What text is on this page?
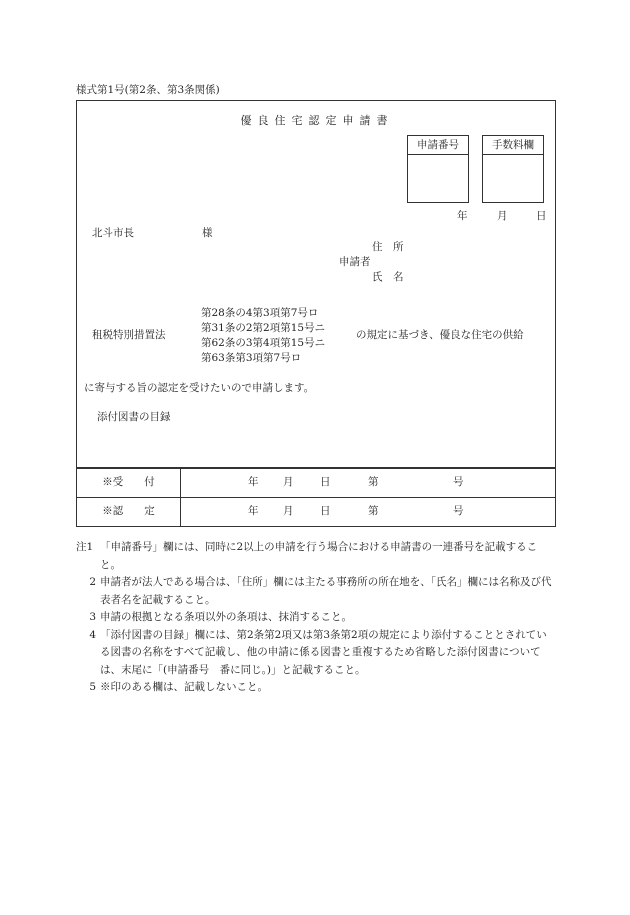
様式第1号(第2条、第3条関係)
優良住宅認定申請書
申請番号	手数料欄
年	月	日
北斗市長	様
住　所
申請者
氏　名
租税特別措置法
第28条の4第3項第7号ロ
第31条の2第2項第15号ニ
第62条の3第4項第15号ニ
第63条第3項第7号ロ
の規定に基づき、優良な住宅の供給
に寄与する旨の認定を受けたいので申請します。
添付図書の目録
※受　　付	年 月 日 第 号

※認　　定	年 月 日 第 号
注1 「申請番号」欄には、同時に2以上の申請を行う場合における申請書の一連番号を記載すること。
2 申請者が法人である場合は、「住所」欄には主たる事務所の所在地を、「氏名」欄には名称及び代表者名を記載すること。
3 申請の根拠となる条項以外の条項は、抹消すること。
4 「添付図書の目録」欄には、第2条第2項又は第3条第2項の規定により添付することとされている図書の名称をすべて記載し、他の申請に係る図書と重複するため省略した添付図書については、末尾に「(申請番号　番に同じ。)」と記載すること。
5 ※印のある欄は、記載しないこと。
